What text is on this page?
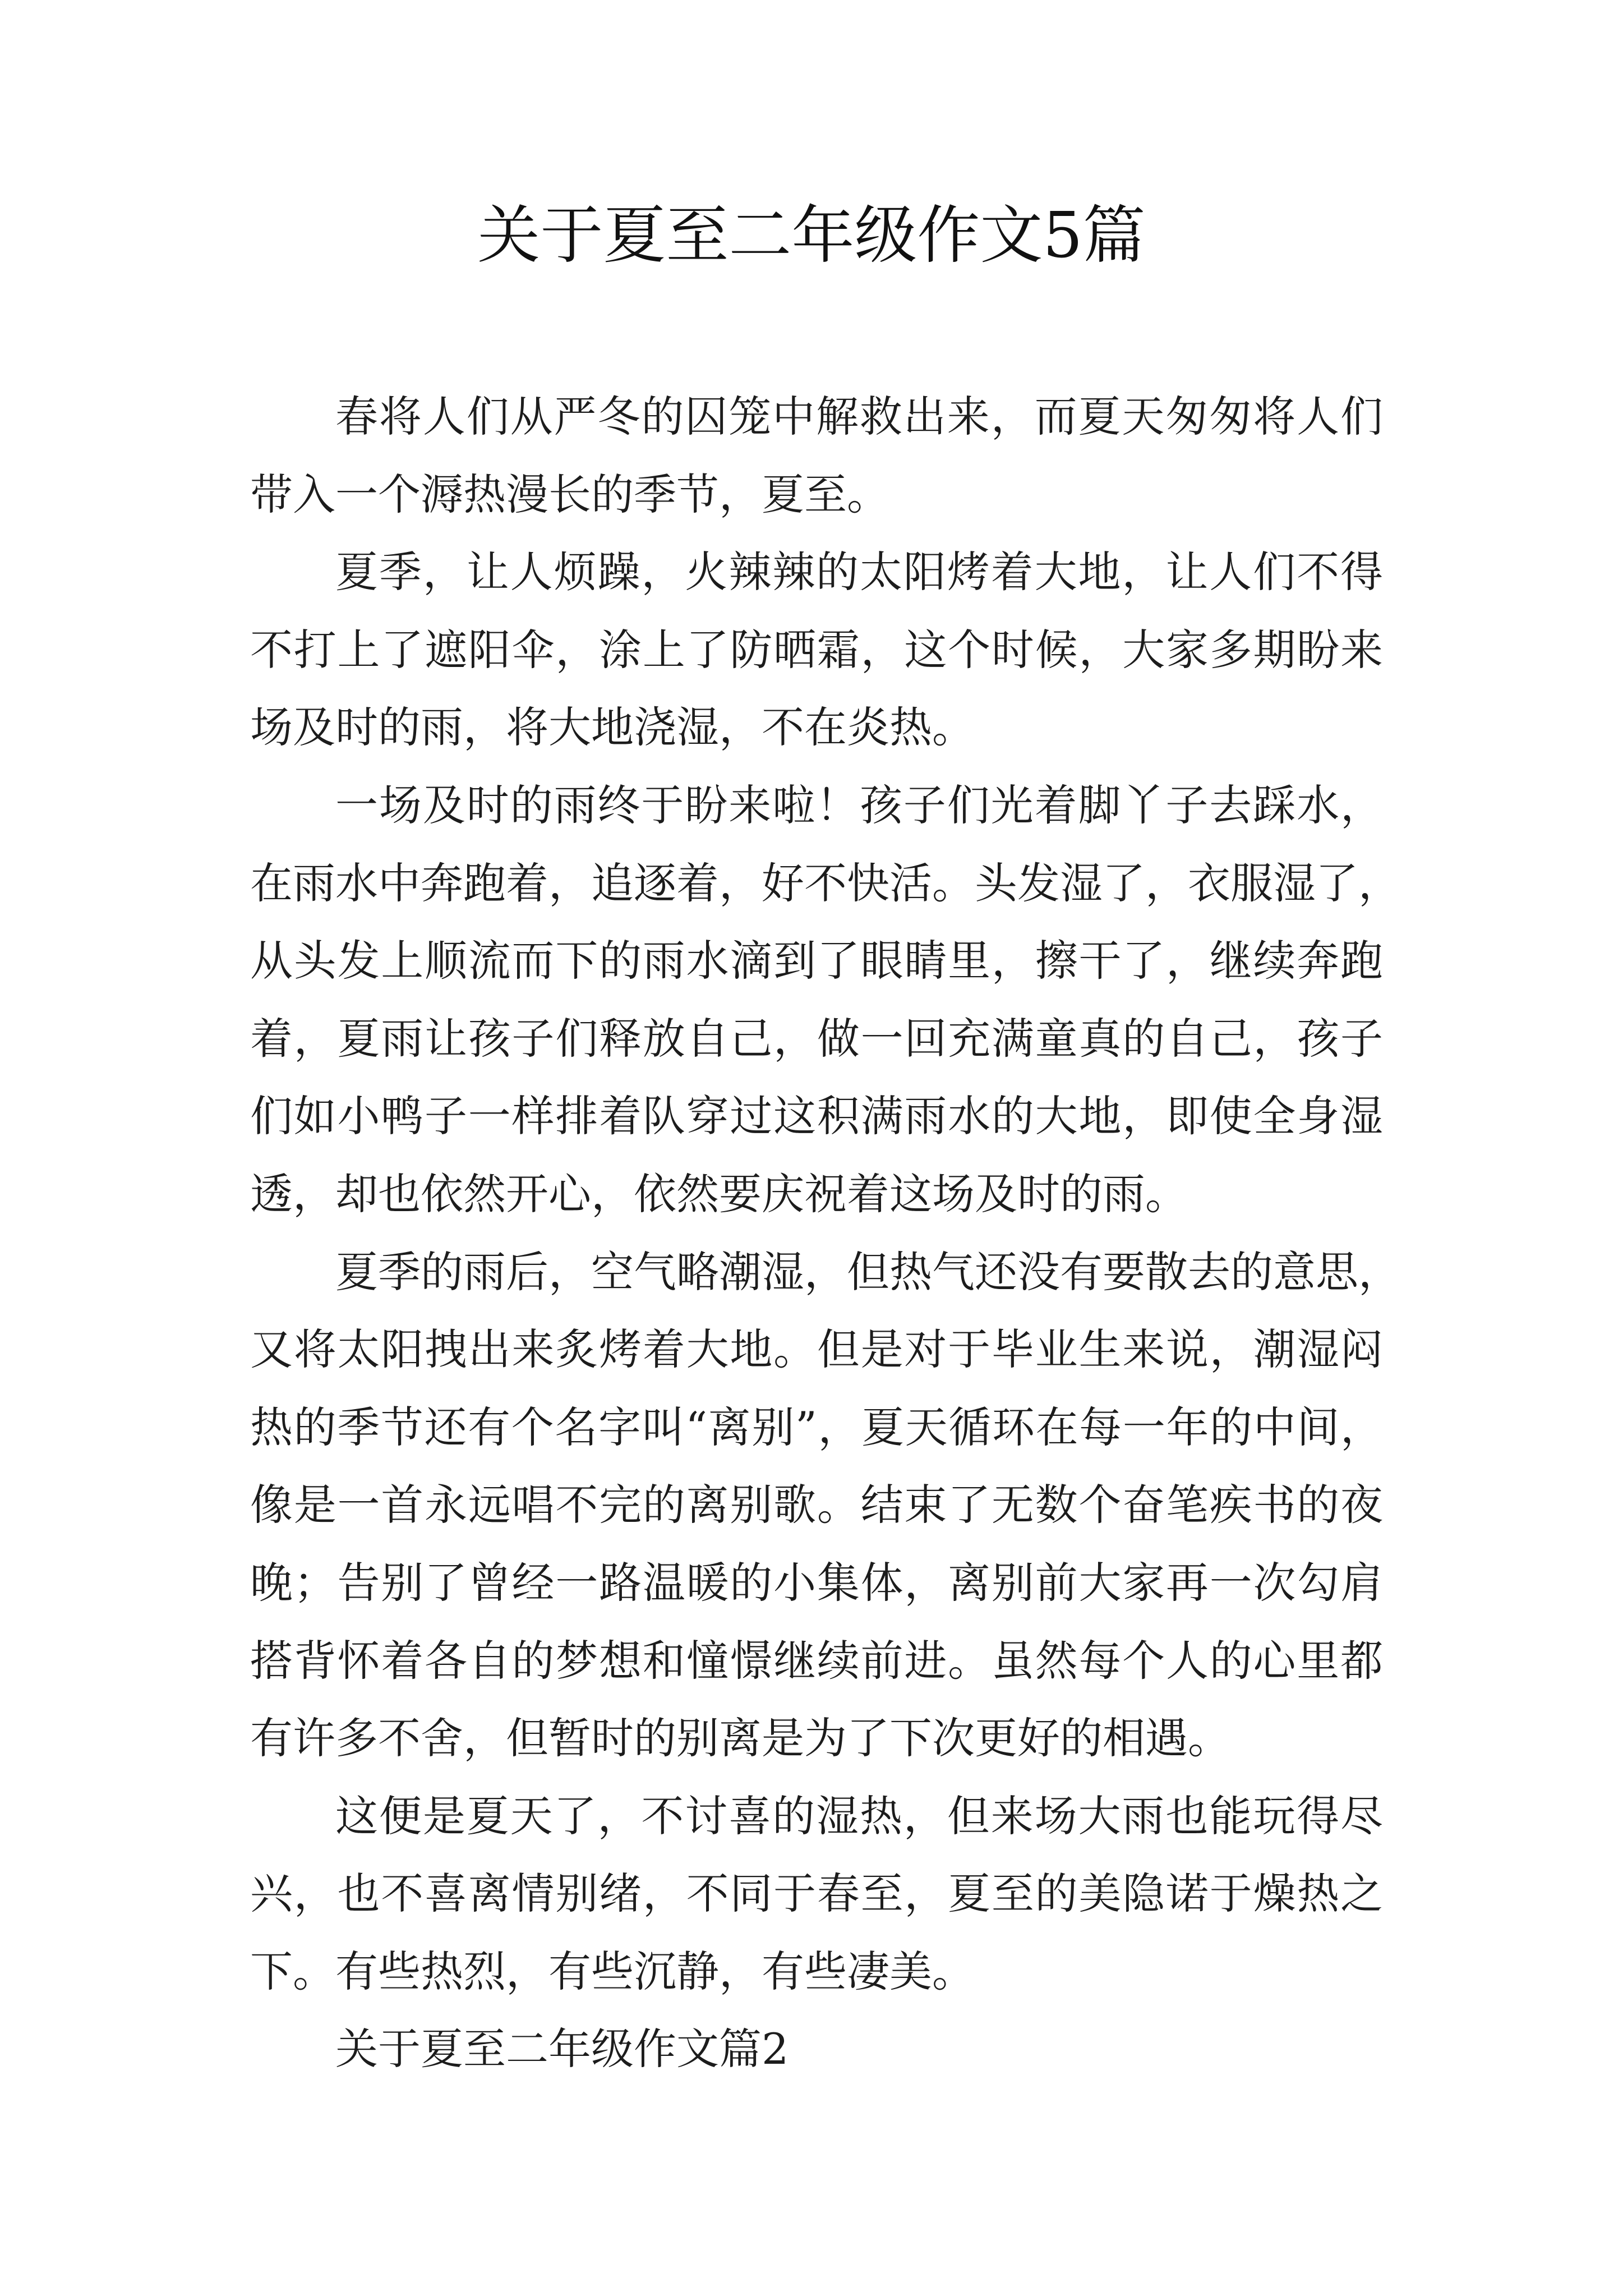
关于夏至二年级作文5篇
春将人们从严冬的囚笼中解救出来，而夏天匆匆将人们
带入一个溽热漫长的季节，夏至。
夏季，让人烦躁，火辣辣的太阳烤着大地，让人们不得
不打上了遮阳伞，涂上了防晒霜，这个时候，大家多期盼来
场及时的雨，将大地浇湿，不在炎热。
一场及时的雨终于盼来啦！孩子们光着脚丫子去踩水，
在雨水中奔跑着，追逐着，好不快活。头发湿了，衣服湿了，
从头发上顺流而下的雨水滴到了眼睛里，擦干了，继续奔跑
着，夏雨让孩子们释放自己，做一回充满童真的自己，孩子
们如小鸭子一样排着队穿过这积满雨水的大地，即使全身湿
透，却也依然开心，依然要庆祝着这场及时的雨。
夏季的雨后，空气略潮湿，但热气还没有要散去的意思，
又将太阳拽出来炙烤着大地。但是对于毕业生来说，潮湿闷
热的季节还有个名字叫“离别”，夏天循环在每一年的中间，
像是一首永远唱不完的离别歌。结束了无数个奋笔疾书的夜
晚；告别了曾经一路温暖的小集体，离别前大家再一次勾肩
搭背怀着各自的梦想和憧憬继续前进。虽然每个人的心里都
有许多不舍，但暂时的别离是为了下次更好的相遇。
这便是夏天了，不讨喜的湿热，但来场大雨也能玩得尽
兴，也不喜离情别绪，不同于春至，夏至的美隐诺于燥热之
下。有些热烈，有些沉静，有些凄美。
关于夏至二年级作文篇2
